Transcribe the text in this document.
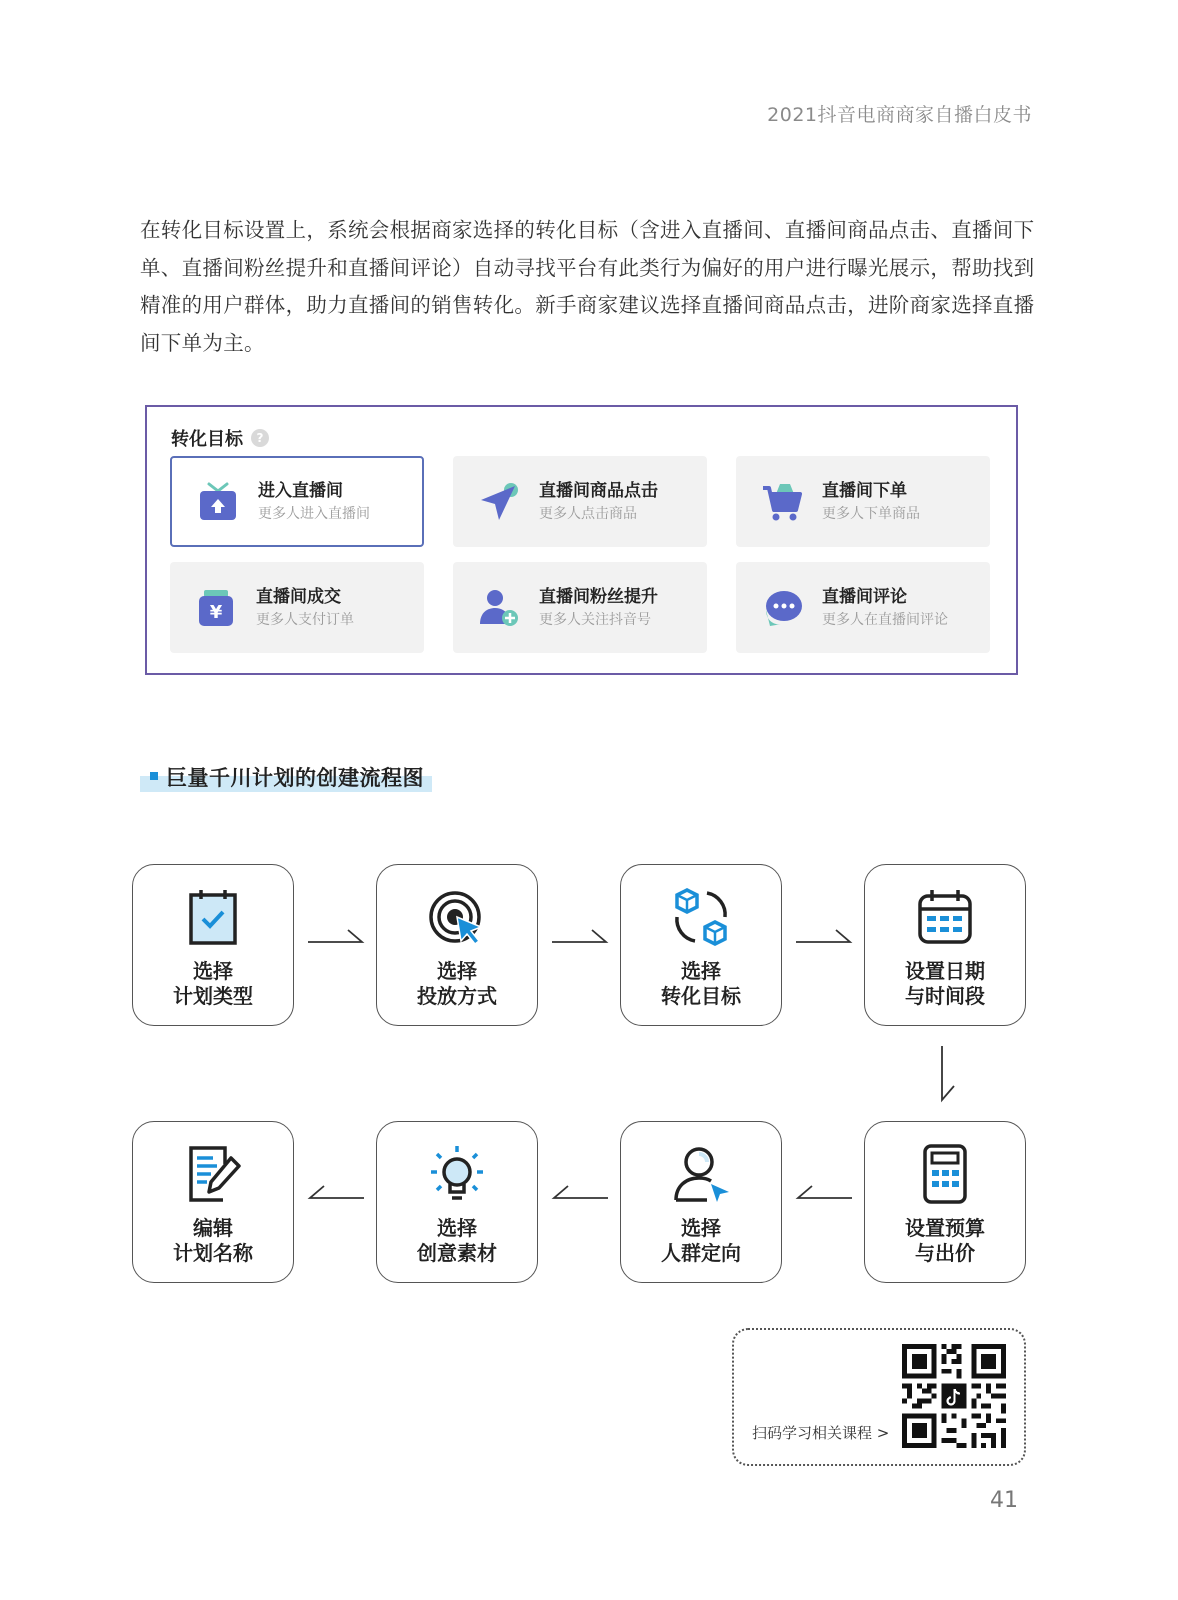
2021抖音电商商家自播白皮书

在转化目标设置上，系统会根据商家选择的转化目标（含进入直播间、直播间商品点击、直播间下单、直播间粉丝提升和直播间评论）自动寻找平台有此类行为偏好的用户进行曝光展示，帮助找到精准的用户群体，助力直播间的销售转化。新手商家建议选择直播间商品点击，进阶商家选择直播间下单为主。

转化目标	?
进入直播间
更多人进入直播间
直播间商品点击
更多人点击商品
直播间下单
更多人下单商品
¥
直播间成交
更多人支付订单
直播间粉丝提升
更多人关注抖音号
直播间评论
更多人在直播间评论
巨量千川计划的创建流程图
选择
计划类型
选择
投放方式
选择
转化目标
设置日期
与时间段
设置预算
与出价
选择
人群定向
选择
创意素材
编辑
计划名称
扫码学习相关课程 >
41
